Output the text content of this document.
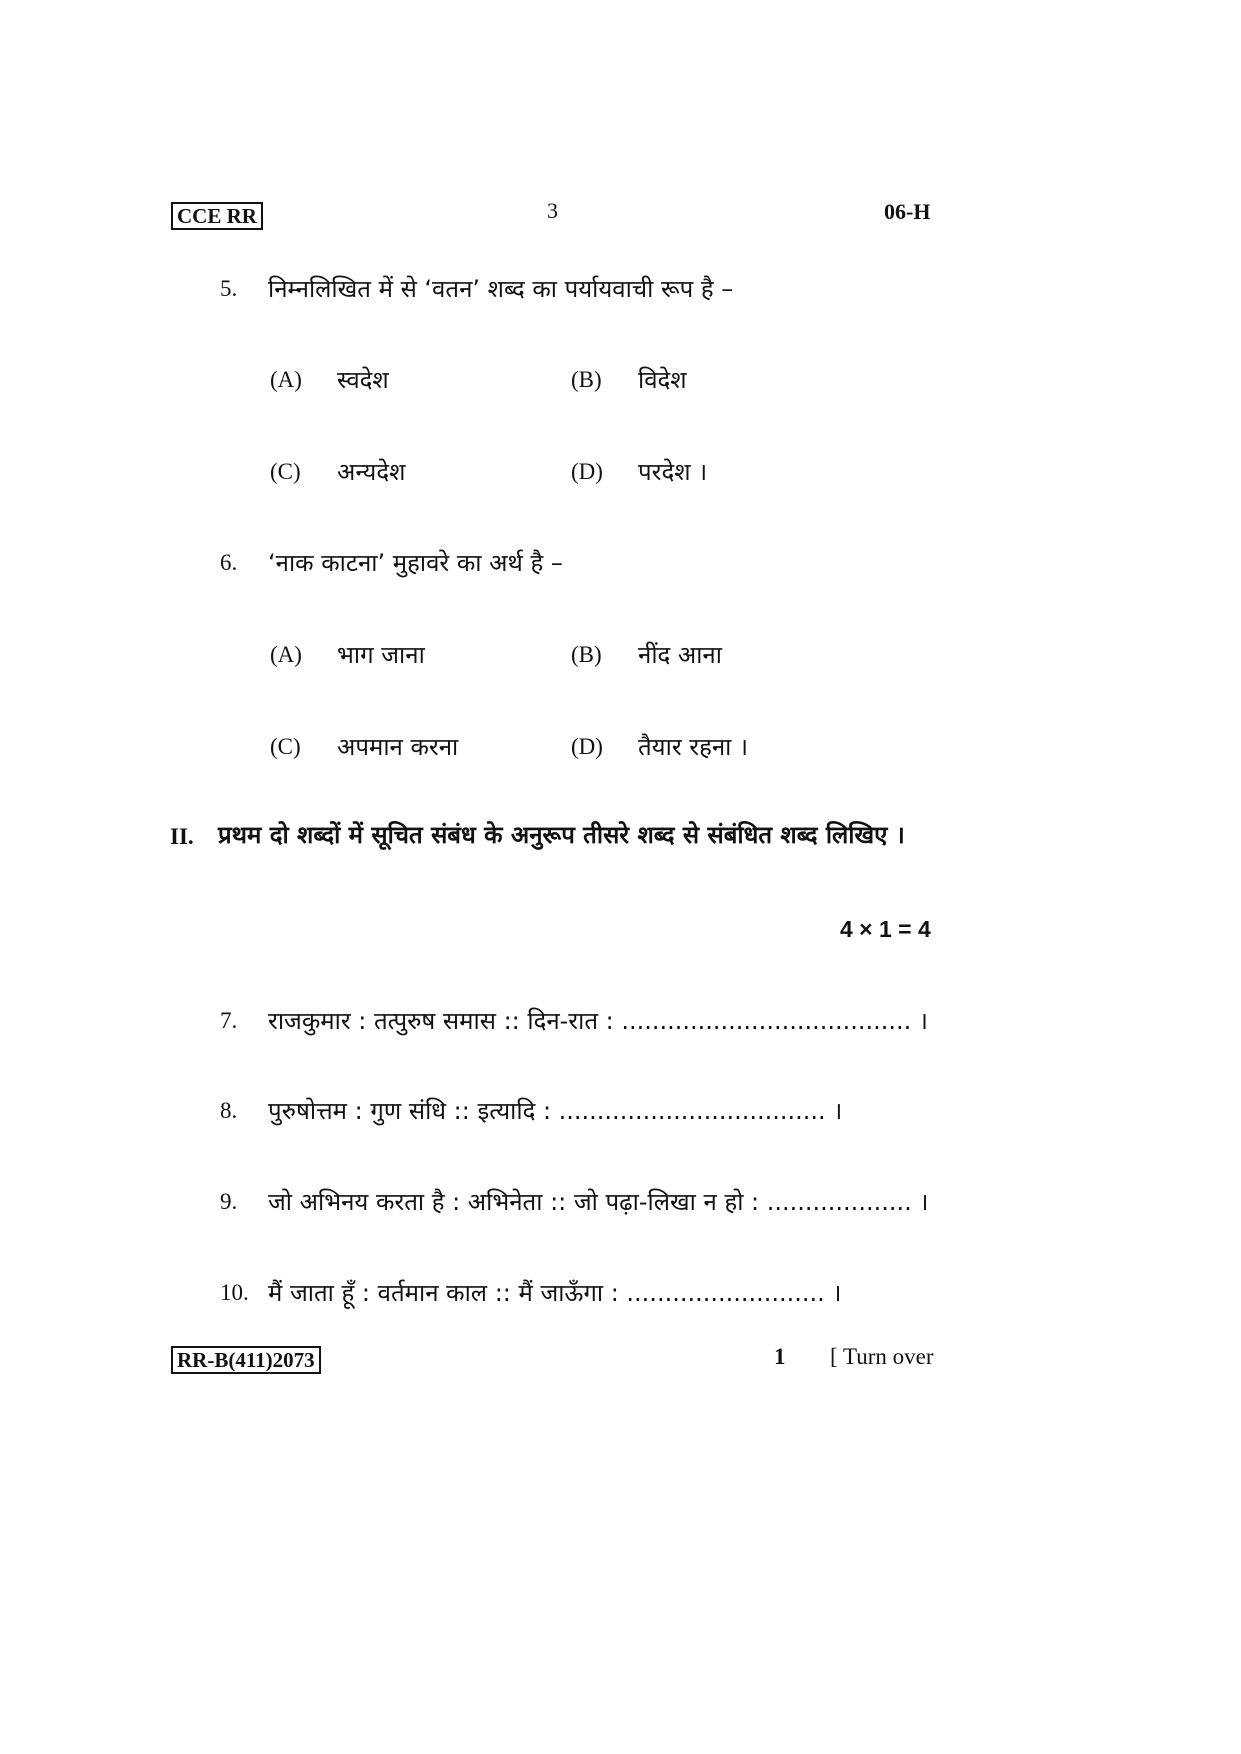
CCE RR	3	06-H
5. निम्नलिखित में से ‘वतन’ शब्द का पर्यायवाची रूप है –
(A) स्वदेश	(B) विदेश
(C) अन्यदेश	(D) परदेश ।
6. ‘नाक काटना’ मुहावरे का अर्थ है –
(A) भाग जाना	(B) नींद आना
(C) अपमान करना	(D) तैयार रहना ।
II. प्रथम दो शब्दों में सूचित संबंध के अनुरूप तीसरे शब्द से संबंधित शब्द लिखिए ।
4 × 1 = 4
7. राजकुमार : तत्पुरुष समास :: दिन-रात : ...................................... ।
8. पुरुषोत्तम : गुण संधि :: इत्यादि : ................................... ।
9. जो अभिनय करता है : अभिनेता :: जो पढ़ा-लिखा न हो : ................... ।
10. मैं जाता हूँ : वर्तमान काल :: मैं जाऊँगा : .......................... ।
RR-B(411)2073	1 [ Turn over
